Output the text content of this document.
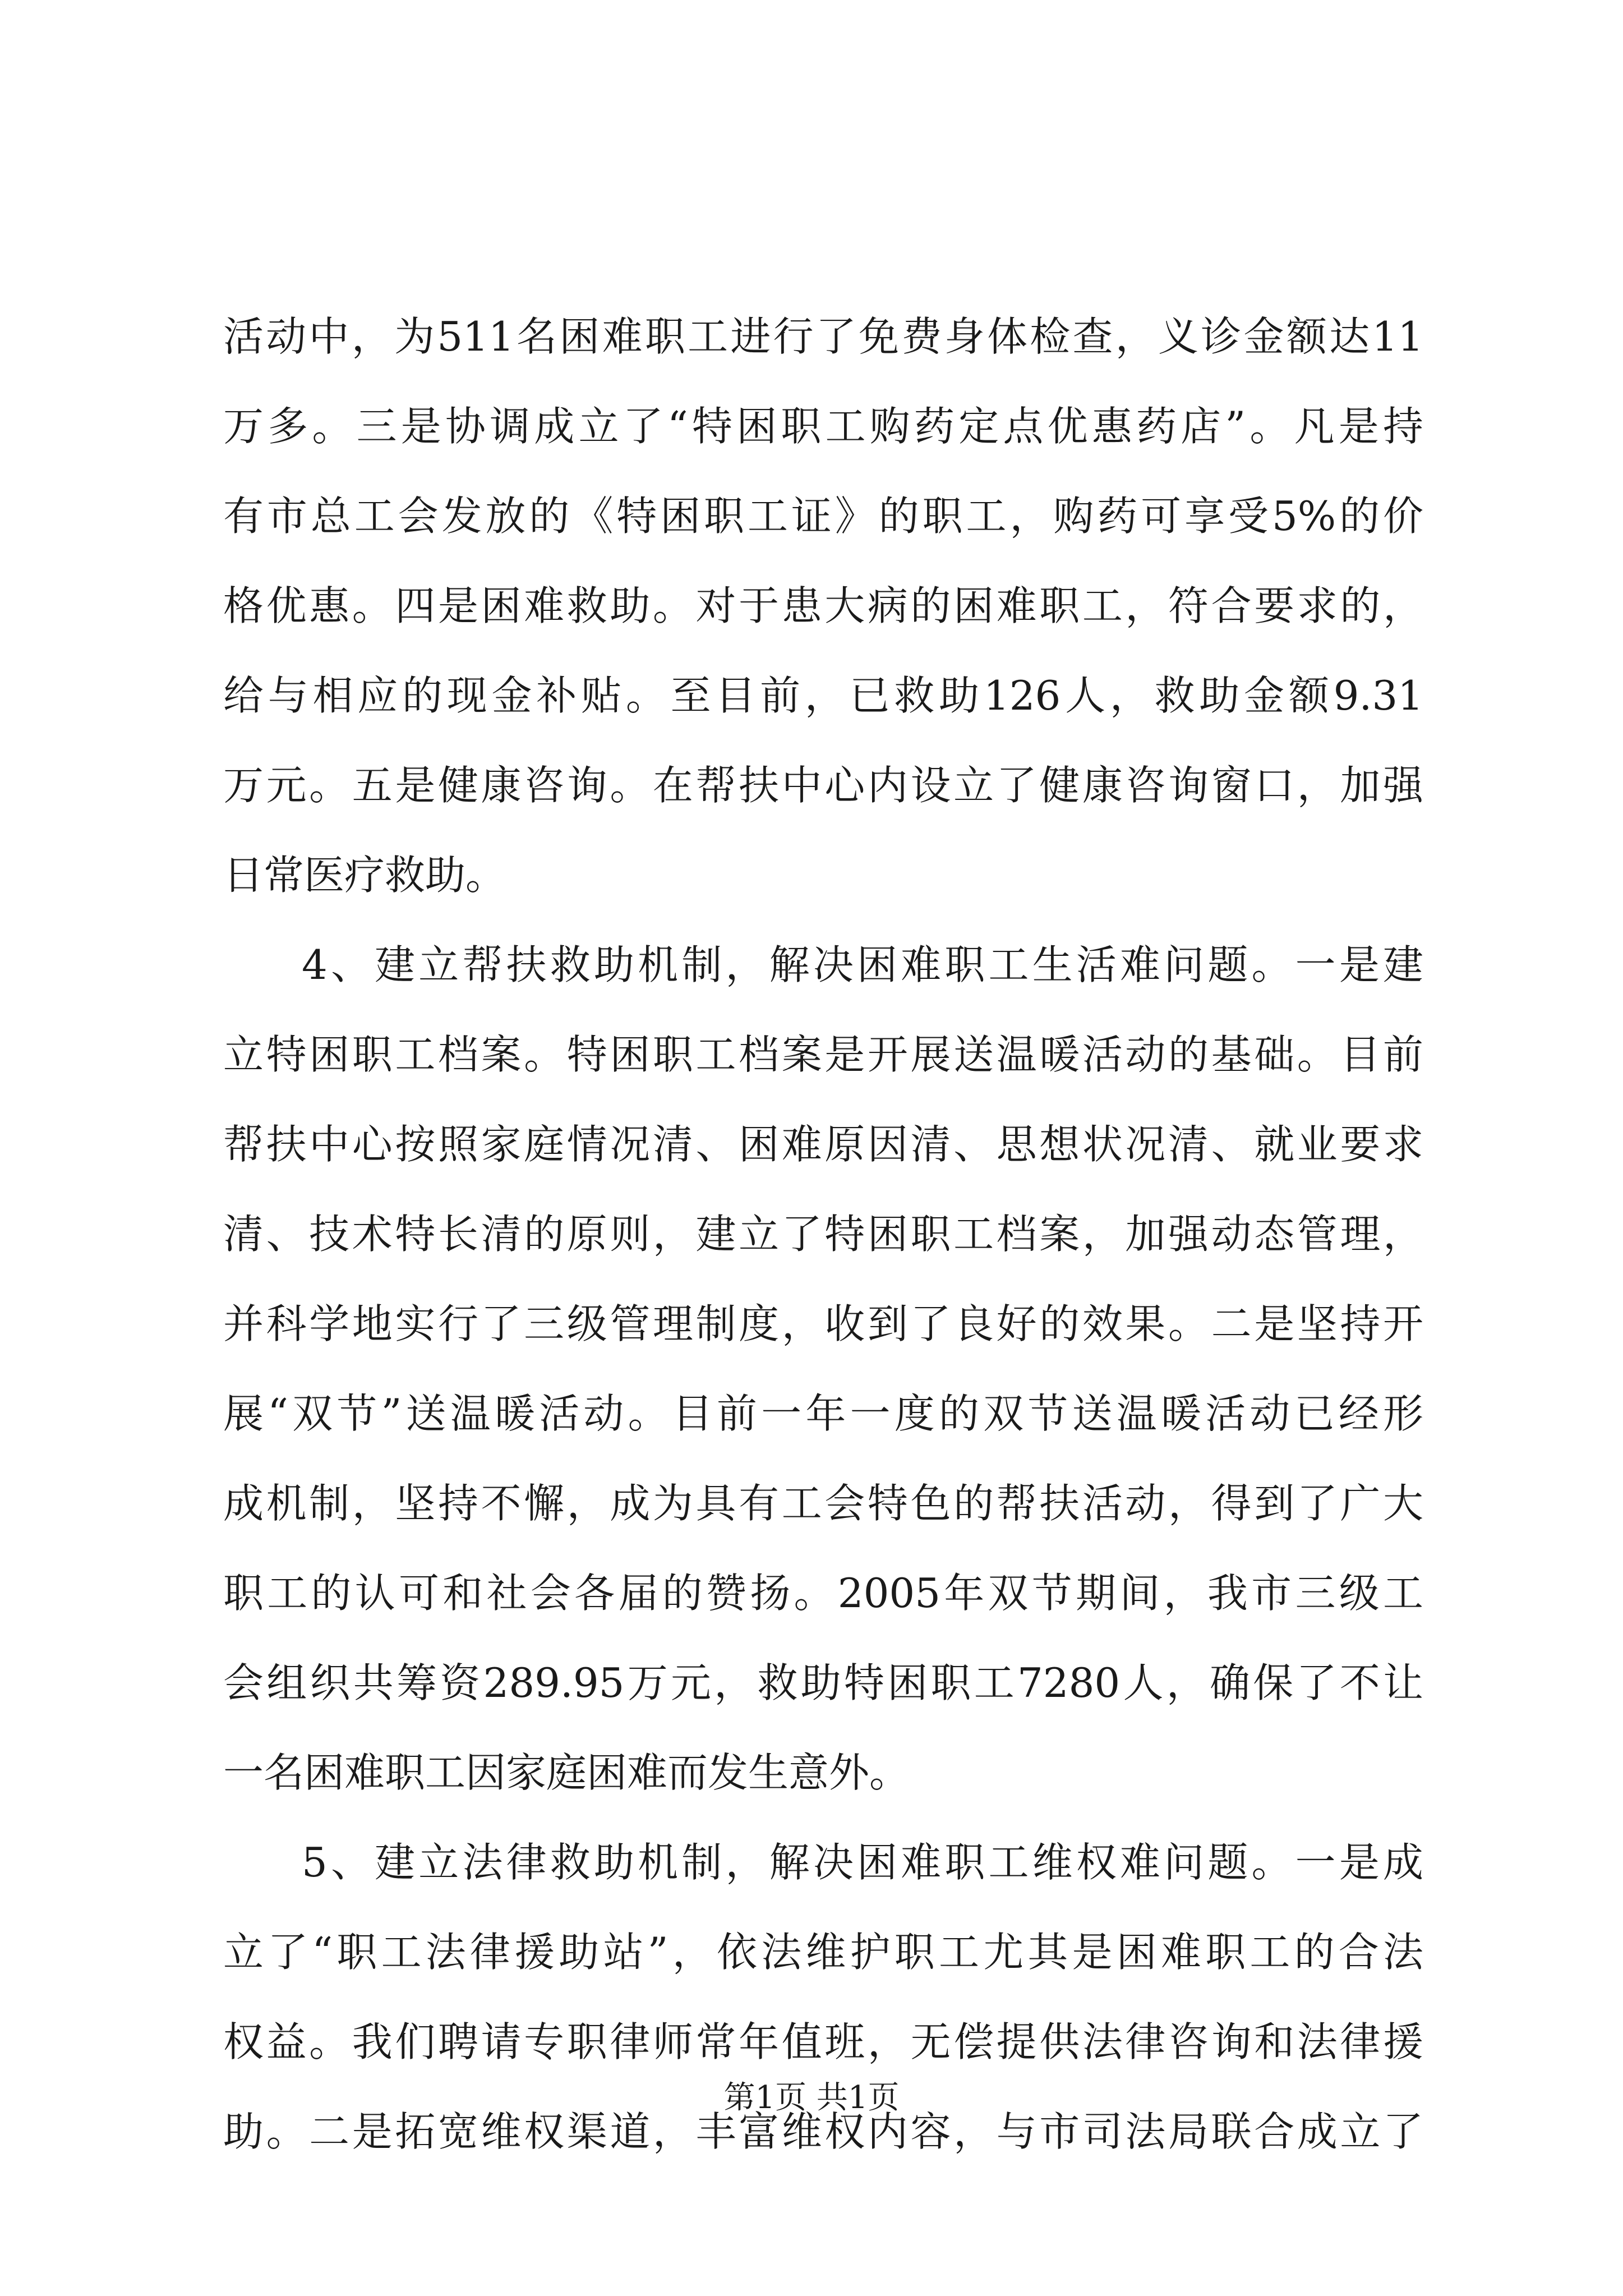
活动中，为511名困难职工进行了免费身体检查，义诊金额达11
万多。三是协调成立了“特困职工购药定点优惠药店”。凡是持
有市总工会发放的《特困职工证》的职工，购药可享受5%的价
格优惠。四是困难救助。对于患大病的困难职工，符合要求的，
给与相应的现金补贴。至目前，已救助126人，救助金额9.31
万元。五是健康咨询。在帮扶中心内设立了健康咨询窗口，加强
日常医疗救助。
4、建立帮扶救助机制，解决困难职工生活难问题。一是建
立特困职工档案。特困职工档案是开展送温暖活动的基础。目前
帮扶中心按照家庭情况清、困难原因清、思想状况清、就业要求
清、技术特长清的原则，建立了特困职工档案，加强动态管理，
并科学地实行了三级管理制度，收到了良好的效果。二是坚持开
展“双节”送温暖活动。目前一年一度的双节送温暖活动已经形
成机制，坚持不懈，成为具有工会特色的帮扶活动，得到了广大
职工的认可和社会各届的赞扬。2005年双节期间，我市三级工
会组织共筹资289.95万元，救助特困职工7280人，确保了不让
一名困难职工因家庭困难而发生意外。
5、建立法律救助机制，解决困难职工维权难问题。一是成
立了“职工法律援助站”，依法维护职工尤其是困难职工的合法
权益。我们聘请专职律师常年值班，无偿提供法律咨询和法律援
助。二是拓宽维权渠道，丰富维权内容，与市司法局联合成立了
第1页 共1页
